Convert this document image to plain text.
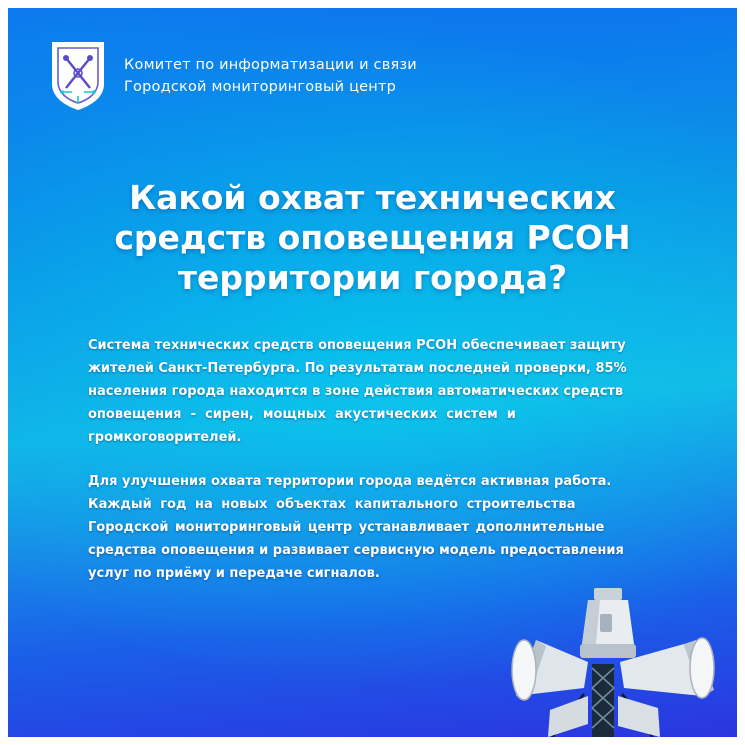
Комитет по информатизации и связи
Городской мониторинговый центр
Какой охват технических
средств оповещения РСОН
территории города?
Система технических средств оповещения РСОН обеспечивает защиту
жителей Санкт-Петербурга. По результатам последней проверки, 85%
населения города находится в зоне действия автоматических средств
оповещения  -  сирен,  мощных  акустических  систем  и
громкоговорителей.
Для улучшения охвата территории города ведётся активная работа.
Каждый год на новых объектах капитального строительства
Городской мониторинговый центр устанавливает дополнительные
средства оповещения и развивает сервисную модель предоставления
услуг по приёму и передаче сигналов.
